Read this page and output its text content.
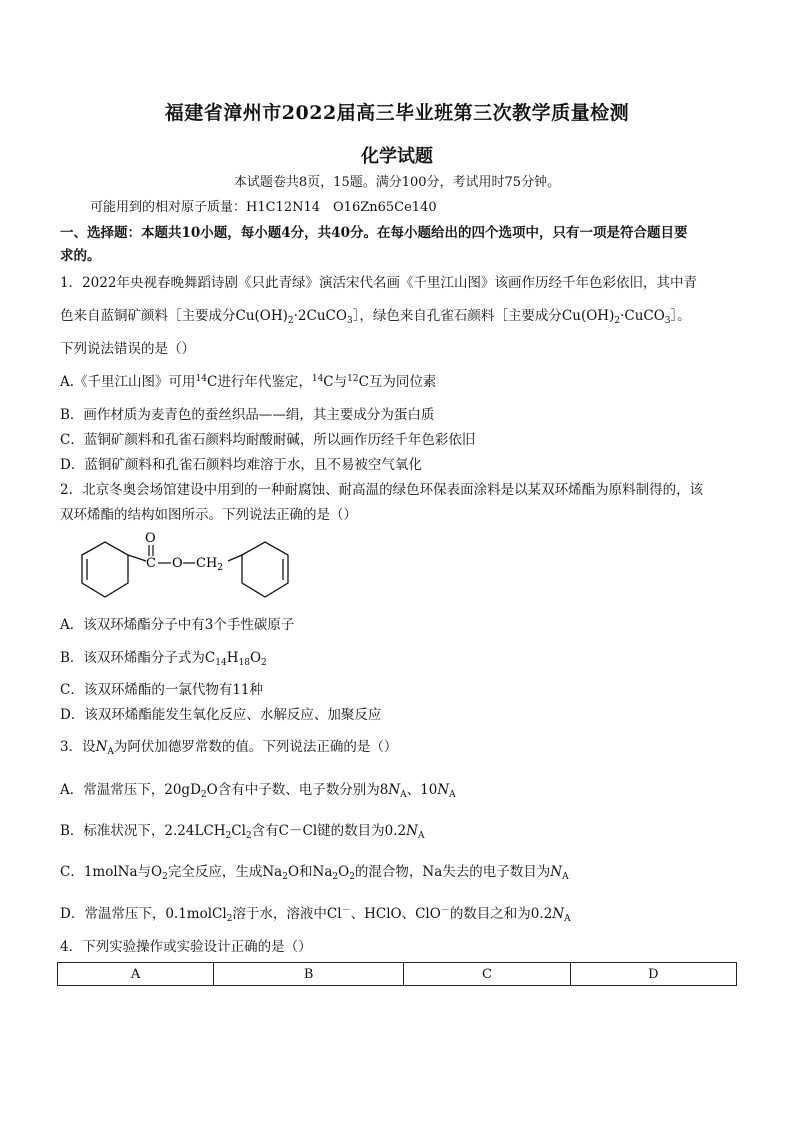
福建省漳州市2022届高三毕业班第三次教学质量检测
化学试题
本试题卷共8页，15题。满分100分，考试用时75分钟。
可能用到的相对原子质量：H1C12N14　O16Zn65Ce140
一、选择题：本题共10小题，每小题4分，共40分。在每小题给出的四个选项中，只有一项是符合题目要
求的。
1．2022年央视春晚舞蹈诗剧《只此青绿》演活宋代名画《千里江山图》该画作历经千年色彩依旧，其中青
色来自蓝铜矿颜料［主要成分$Cu(OH)_2\cdot 2CuCO_3]$，绿色来自孔雀石颜料［主要成分$Cu(OH)_2\cdot CuCO_3]$。
下列说法错误的是（）
A.《千里江山图》可用$^{14}$C进行年代鉴定，$^{14}$C与$^{12}$C互为同位素
B．画作材质为麦青色的蚕丝织品——绢，其主要成分为蛋白质
C．蓝铜矿颜料和孔雀石颜料均耐酸耐碱，所以画作历经千年色彩依旧
D．蓝铜矿颜料和孔雀石颜料均难溶于水，且不易被空气氧化
2．北京冬奥会场馆建设中用到的一种耐腐蚀、耐高温的绿色环保表面涂料是以某双环烯酯为原料制得的，该
双环烯酯的结构如图所示。下列说法正确的是（）
O
C O $CH_2$
A．该双环烯酯分子中有3个手性碳原子
B．该双环烯酯分子式为$C_{14}H_{18}O_2$
C．该双环烯酯的一氯代物有11种
D．该双环烯酯能发生氧化反应、水解反应、加聚反应
3．设$N_A$为阿伏加德罗常数的值。下列说法正确的是（）
A．常温常压下，$20gD_2O$含有中子数、电子数分别为$8N_A$、$10N_A$
B．标准状况下，$2.24LCH_2Cl_2$含有C－Cl键的数目为$0.2N_A$
C．1molNa与$O_2$完全反应，生成$Na_2O$和$Na_2O_2$的混合物，Na失去的电子数目为$N_A$
D．常温常压下，0.1molCl$_2$溶于水，溶液中Cl－、HClO、ClO－的数目之和为$0.2N_A$
4．下列实验操作或实验设计正确的是（）
A	B	C	D
